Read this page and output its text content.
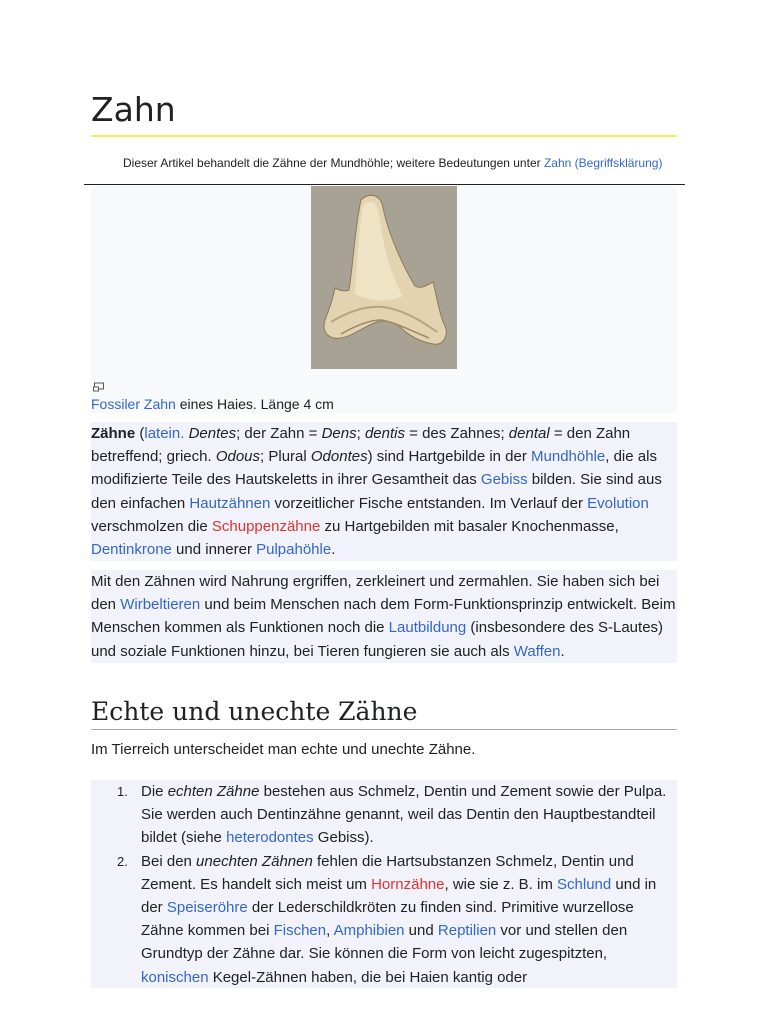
Zahn
Dieser Artikel behandelt die Zähne der Mundhöhle; weitere Bedeutungen unter Zahn (Begriffsklärung)
Fossiler Zahn eines Haies. Länge 4 cm

Zähne (latein. Dentes; der Zahn = Dens; dentis = des Zahnes; dental = den Zahn betreffend; griech. Odous; Plural Odontes) sind Hartgebilde in der Mundhöhle, die als modifizierte Teile des Hautskeletts in ihrer Gesamtheit das Gebiss bilden. Sie sind aus den einfachen Hautzähnen vorzeitlicher Fische entstanden. Im Verlauf der Evolution verschmolzen die Schuppenzähne zu Hartgebilden mit basaler Knochenmasse, Dentinkrone und innerer Pulpahöhle.

Mit den Zähnen wird Nahrung ergriffen, zerkleinert und zermahlen. Sie haben sich bei den Wirbeltieren und beim Menschen nach dem Form-Funktionsprinzip entwickelt. Beim Menschen kommen als Funktionen noch die Lautbildung (insbesondere des S-Lautes) und soziale Funktionen hinzu, bei Tieren fungieren sie auch als Waffen.

Echte und unechte Zähne

Im Tierreich unterscheidet man echte und unechte Zähne.

1. Die echten Zähne bestehen aus Schmelz, Dentin und Zement sowie der Pulpa. Sie werden auch Dentinzähne genannt, weil das Dentin den Hauptbestandteil bildet (siehe heterodontes Gebiss).
2. Bei den unechten Zähnen fehlen die Hartsubstanzen Schmelz, Dentin und Zement. Es handelt sich meist um Hornzähne, wie sie z. B. im Schlund und in der Speiseröhre der Lederschildkröten zu finden sind. Primitive wurzellose Zähne kommen bei Fischen, Amphibien und Reptilien vor und stellen den Grundtyp der Zähne dar. Sie können die Form von leicht zugespitzten, konischen Kegel-Zähnen haben, die bei Haien kantig oder
